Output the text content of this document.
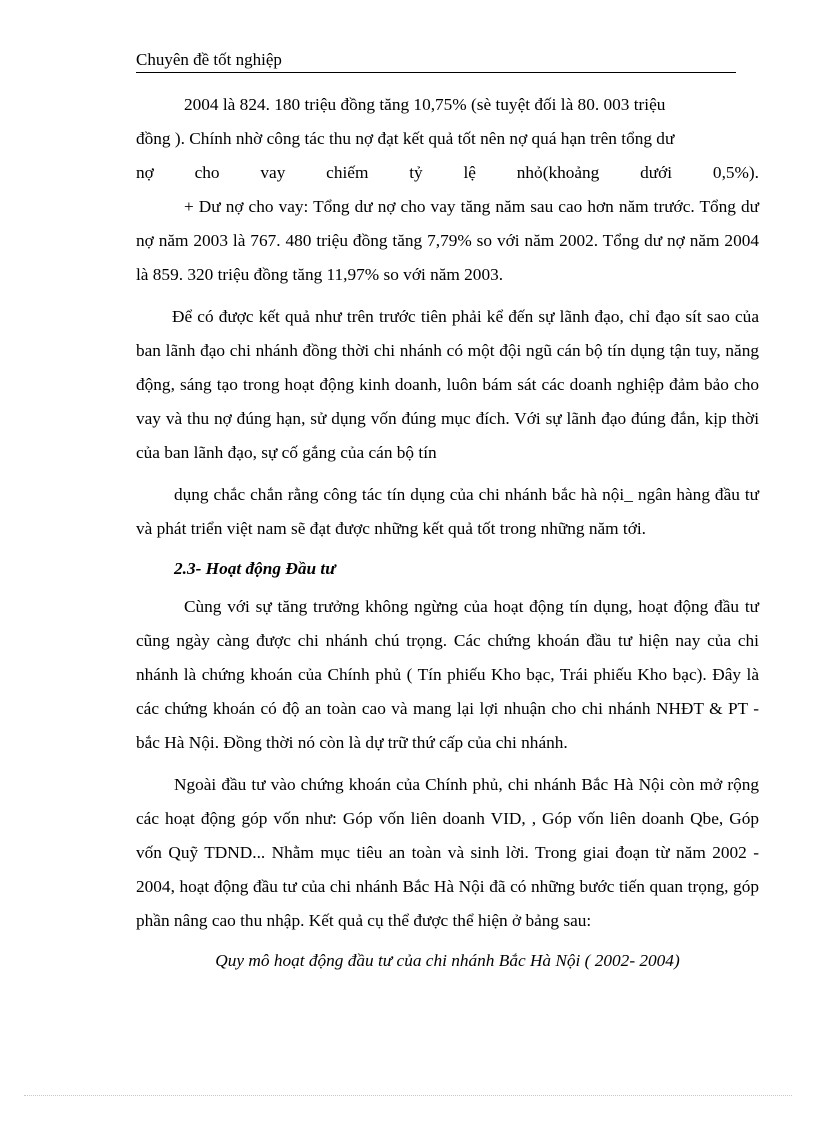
Chuyên đề tốt nghiệp
2004 là 824. 180 triệu đồng tăng 10,75% (sè tuyệt đối là 80. 003 triệu
đồng ). Chính nhờ công tác thu nợ đạt kết quả tốt nên nợ quá hạn trên tổng dư
nợ cho vay chiếm tỷ lệ nhỏ(khoảng dưới 0,5%).

+ Dư nợ cho vay: Tổng dư nợ cho vay tăng năm sau cao hơn năm trước. Tổng dư nợ năm 2003 là 767. 480 triệu đồng tăng 7,79% so với năm 2002. Tổng dư nợ năm 2004 là 859. 320 triệu đồng tăng 11,97% so với năm 2003.

Để có được kết quả như trên trước tiên phải kể đến sự lãnh đạo, chỉ đạo sít sao của ban lãnh đạo chi nhánh đồng thời chi nhánh có một đội ngũ cán bộ tín dụng tận tuy, năng động, sáng tạo trong hoạt động kinh doanh, luôn bám sát các doanh nghiệp đảm bảo cho vay và thu nợ đúng hạn, sử dụng vốn đúng mục đích. Với sự lãnh đạo đúng đắn, kịp thời của ban lãnh đạo, sự cố gắng của cán bộ tín

dụng chắc chắn rằng công tác tín dụng của chi nhánh bắc hà nội_ ngân hàng đầu tư và phát triển việt nam sẽ đạt được những kết quả tốt trong những năm tới.

2.3- Hoạt động Đầu tư

Cùng với sự tăng trưởng không ngừng của hoạt động tín dụng, hoạt động đầu tư cũng ngày càng được chi nhánh chú trọng. Các chứng khoán đầu tư hiện nay của chi nhánh là chứng khoán của Chính phủ ( Tín phiếu Kho bạc, Trái phiếu Kho bạc). Đây là các chứng khoán có độ an toàn cao và mang lại lợi nhuận cho chi nhánh NHĐT & PT - bắc Hà Nội. Đồng thời nó còn là dự trữ thứ cấp của chi nhánh.

Ngoài đầu tư vào chứng khoán của Chính phủ, chi nhánh Bắc Hà Nội còn mở rộng các hoạt động góp vốn như: Góp vốn liên doanh VID, , Góp vốn liên doanh Qbe, Góp vốn Quỹ TDND... Nhằm mục tiêu an toàn và sinh lời. Trong giai đoạn từ năm 2002 - 2004, hoạt động đầu tư của chi nhánh Bắc Hà Nội đã có những bước tiến quan trọng, góp phần nâng cao thu nhập. Kết quả cụ thể được thể hiện ở bảng sau:

Quy mô hoạt động đầu tư của chi nhánh Bắc Hà Nội ( 2002- 2004)
